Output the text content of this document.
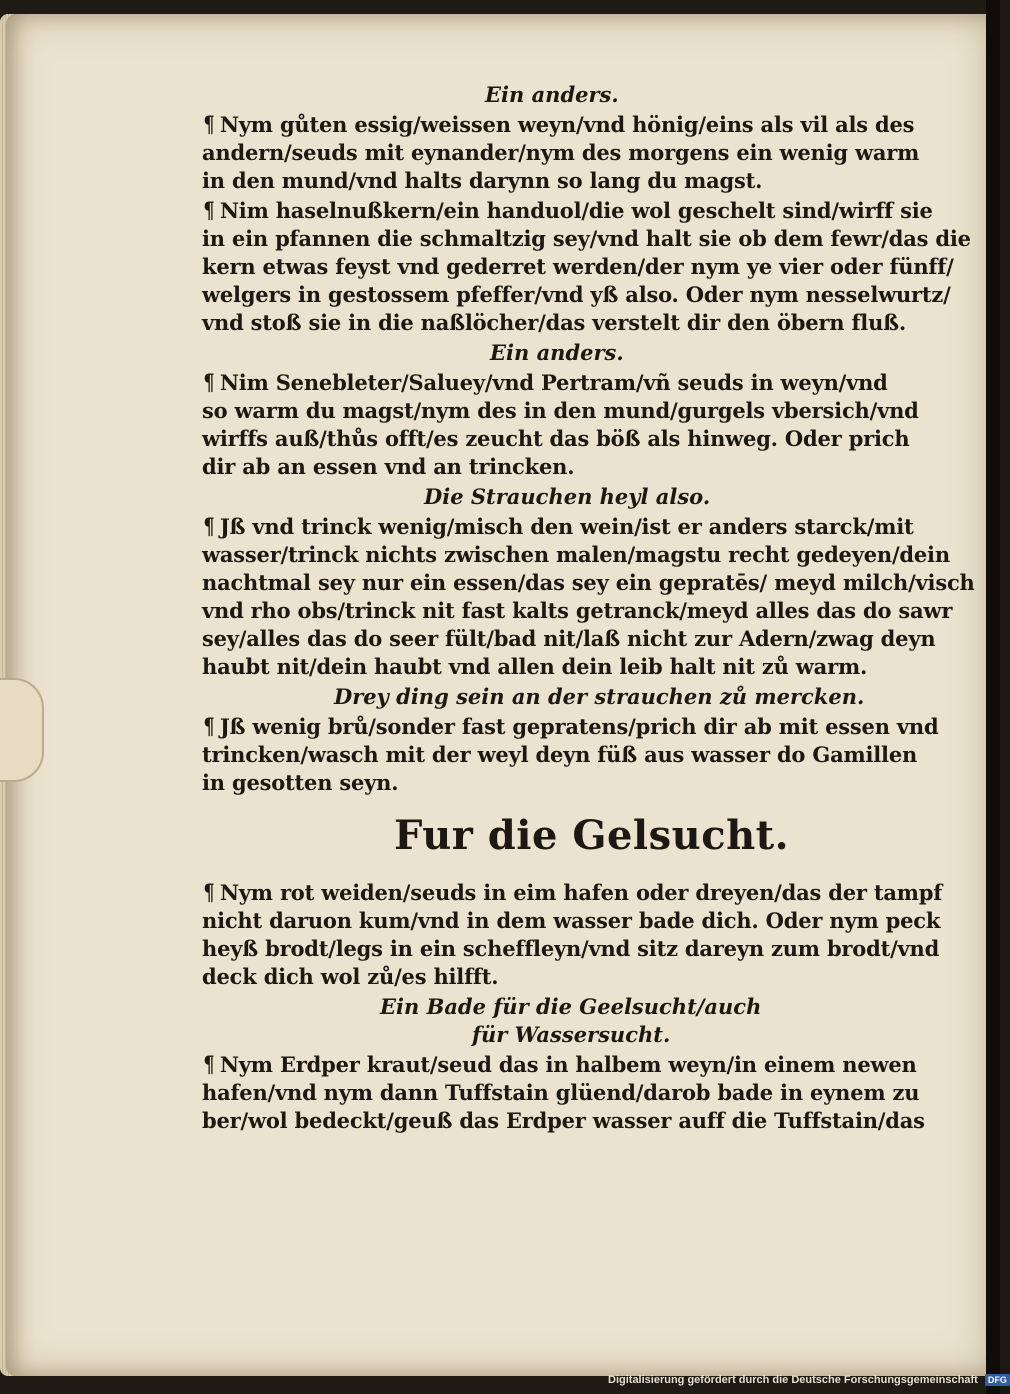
Ein anders.
¶ Nym gůten essig/weissen weyn/vnd hönig/eins als vil als des
andern/seuds mit eynander/nym des morgens ein wenig warm
in den mund/vnd halts darynn so lang du magst.
¶ Nim haselnußkern/ein handuol/die wol geschelt sind/wirff sie
in ein pfannen die schmaltzig sey/vnd halt sie ob dem fewr/das die
kern etwas feyst vnd gederret werden/der nym ye vier oder fünff/
welgers in gestossem pfeffer/vnd yß also. Oder nym nesselwurtz/
vnd stoß sie in die naßlöcher/das verstelt dir den öbern fluß.
Ein anders.
¶ Nim Senebleter/Saluey/vnd Pertram/vñ seuds in weyn/vnd
so warm du magst/nym des in den mund/gurgels vbersich/vnd
wirffs auß/thůs offt/es zeucht das böß als hinweg. Oder prich
dir ab an essen vnd an trincken.
Die Strauchen heyl also.
¶ Jß vnd trinck wenig/misch den wein/ist er anders starck/mit
wasser/trinck nichts zwischen malen/magstu recht gedeyen/dein
nachtmal sey nur ein essen/das sey ein gepratēs/ meyd milch/visch
vnd rho obs/trinck nit fast kalts getranck/meyd alles das do sawr
sey/alles das do seer fült/bad nit/laß nicht zur Adern/zwag deyn
haubt nit/dein haubt vnd allen dein leib halt nit zů warm.
Drey ding sein an der strauchen zů mercken.
¶ Jß wenig brů/sonder fast gepratens/prich dir ab mit essen vnd
trincken/wasch mit der weyl deyn füß aus wasser do Gamillen
in gesotten seyn.
Fur die Gelsucht.
¶ Nym rot weiden/seuds in eim hafen oder dreyen/das der tampf
nicht daruon kum/vnd in dem wasser bade dich. Oder nym peck
heyß brodt/legs in ein scheffleyn/vnd sitz dareyn zum brodt/vnd
deck dich wol zů/es hilfft.
Ein Bade für die Geelsucht/auch
für Wassersucht.
¶ Nym Erdper kraut/seud das in halbem weyn/in einem newen
hafen/vnd nym dann Tuffstain glüend/darob bade in eynem zu
ber/wol bedeckt/geuß das Erdper wasser auff die Tuffstain/das
Digitalisierung gefördert durch die Deutsche Forschungsgemeinschaft DFG
